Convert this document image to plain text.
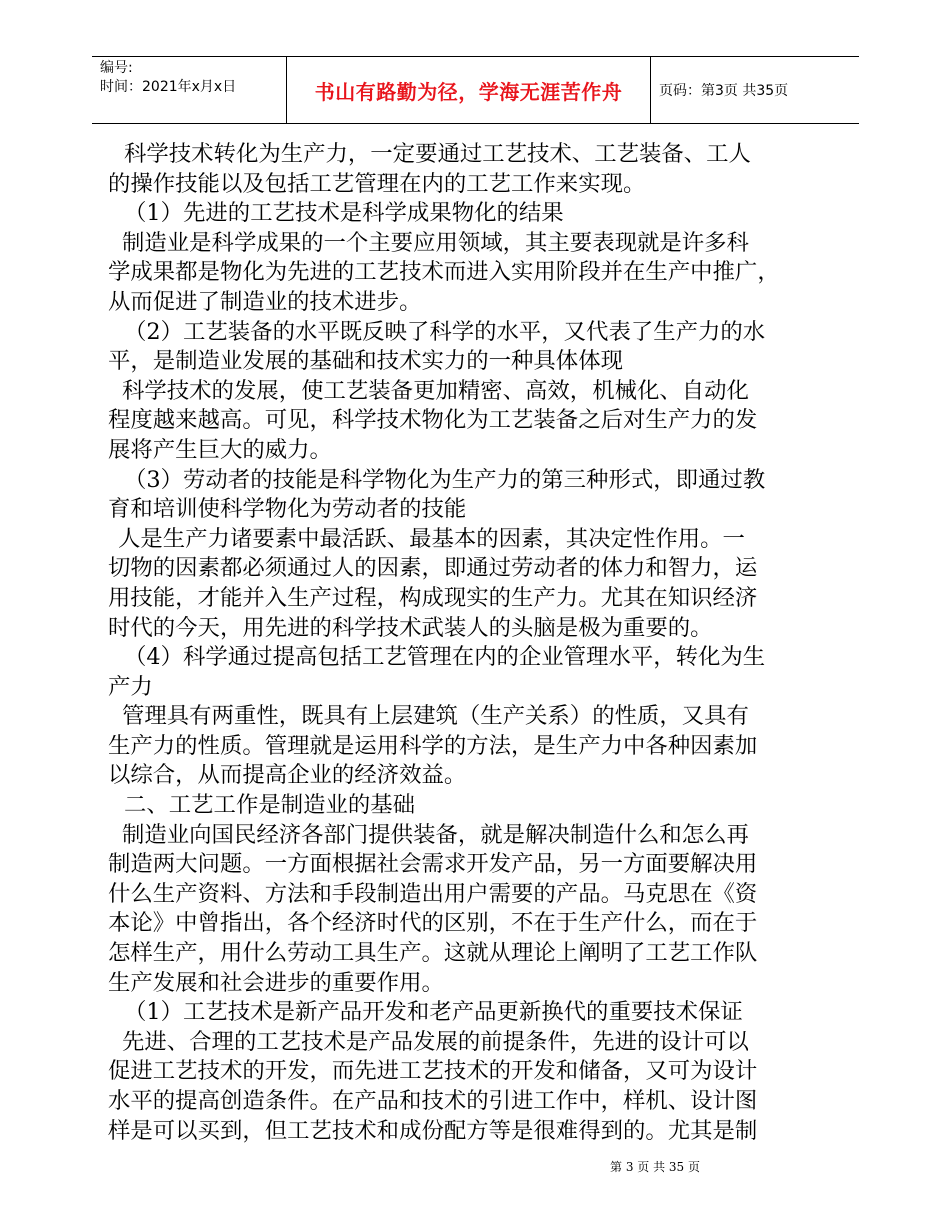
编号:
时间：2021年x月x日	书山有路勤为径，学海无涯苦作舟	页码：第3页 共35页
科学技术转化为生产力，一定要通过工艺技术、工艺装备、工人
的操作技能以及包括工艺管理在内的工艺工作来实现。
（1）先进的工艺技术是科学成果物化的结果
制造业是科学成果的一个主要应用领域，其主要表现就是许多科
学成果都是物化为先进的工艺技术而进入实用阶段并在生产中推广，
从而促进了制造业的技术进步。
（2）工艺装备的水平既反映了科学的水平，又代表了生产力的水
平，是制造业发展的基础和技术实力的一种具体体现
科学技术的发展，使工艺装备更加精密、高效，机械化、自动化
程度越来越高。可见，科学技术物化为工艺装备之后对生产力的发
展将产生巨大的威力。
（3）劳动者的技能是科学物化为生产力的第三种形式，即通过教
育和培训使科学物化为劳动者的技能
人是生产力诸要素中最活跃、最基本的因素，其决定性作用。一
切物的因素都必须通过人的因素，即通过劳动者的体力和智力，运
用技能，才能并入生产过程，构成现实的生产力。尤其在知识经济
时代的今天，用先进的科学技术武装人的头脑是极为重要的。
（4）科学通过提高包括工艺管理在内的企业管理水平，转化为生
产力
管理具有两重性，既具有上层建筑（生产关系）的性质，又具有
生产力的性质。管理就是运用科学的方法，是生产力中各种因素加
以综合，从而提高企业的经济效益。
二、工艺工作是制造业的基础
制造业向国民经济各部门提供装备，就是解决制造什么和怎么再
制造两大问题。一方面根据社会需求开发产品，另一方面要解决用
什么生产资料、方法和手段制造出用户需要的产品。马克思在《资
本论》中曾指出，各个经济时代的区别，不在于生产什么，而在于
怎样生产，用什么劳动工具生产。这就从理论上阐明了工艺工作队
生产发展和社会进步的重要作用。
（1）工艺技术是新产品开发和老产品更新换代的重要技术保证
先进、合理的工艺技术是产品发展的前提条件，先进的设计可以
促进工艺技术的开发，而先进工艺技术的开发和储备，又可为设计
水平的提高创造条件。在产品和技术的引进工作中，样机、设计图
样是可以买到，但工艺技术和成份配方等是很难得到的。尤其是制
第 3 页 共 35 页
